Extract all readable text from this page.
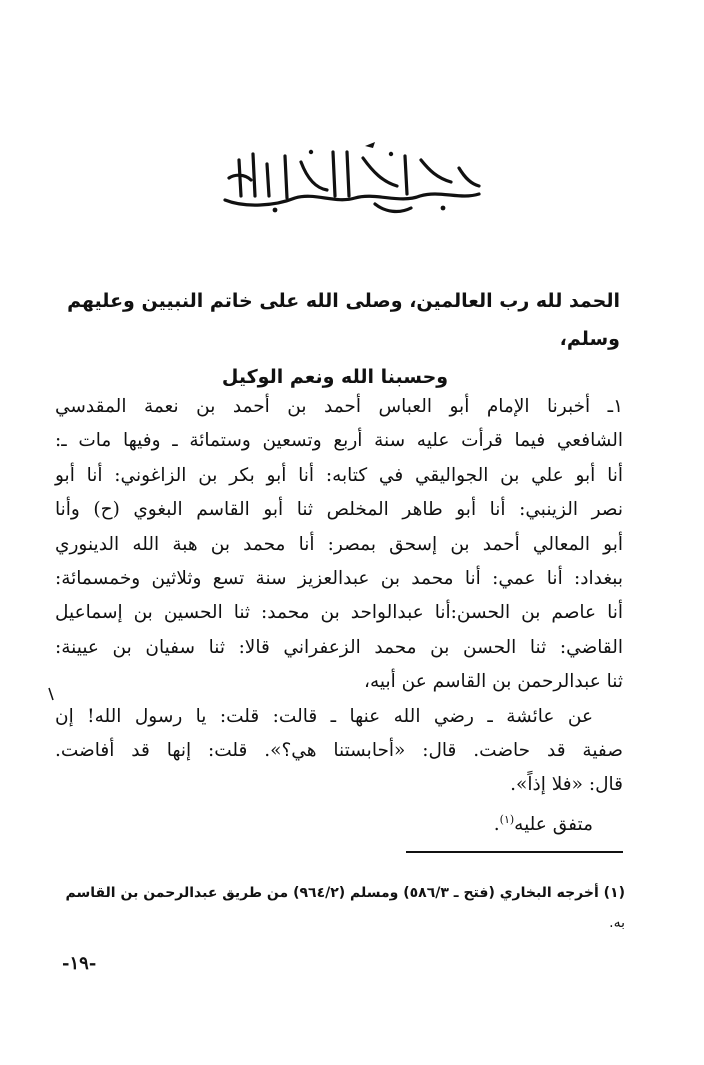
الحمد لله رب العالمين، وصلى الله على خاتم النبيين وعليهم وسلم،

وحسبنا الله ونعم الوكيل

١ـ أخبرنا الإمام أبو العباس أحمد بن أحمد بن نعمة المقدسي
الشافعي فيما قرأت عليه سنة أربع وتسعين وستمائة ـ وفيها مات ـ:
أنا أبو علي بن الجواليقي في كتابه: أنا أبو بكر بن الزاغوني: أنا أبو
نصر الزينبي: أنا أبو طاهر المخلص ثنا أبو القاسم البغوي (ح) وأنا
أبو المعالي أحمد بن إسحق بمصر: أنا محمد بن هبة الله الدينوري
ببغداد: أنا عمي: أنا محمد بن عبدالعزيز سنة تسع وثلاثين وخمسمائة:
أنا عاصم بن الحسن:أنا عبدالواحد بن محمد: ثنا الحسين بن إسماعيل
القاضي: ثنا الحسن بن محمد الزعفراني قالا: ثنا سفيان بن عيينة:
ثنا عبدالرحمن بن القاسم عن أبيه،
عن عائشة ـ رضي الله عنها ـ قالت: قلت: يا رسول الله! إن
صفية قد حاضت. قال: «أحابستنا هي؟». قلت: إنها قد أفاضت.
قال: «فلا إذاً».
متفق عليه$^{(١)}$.
(١) أخرجه البخاري (فتح ـ ٥٨٦/٣) ومسلم (٩٦٤/٢) من طريق عبدالرحمن بن القاسم
به.
-١٩-
